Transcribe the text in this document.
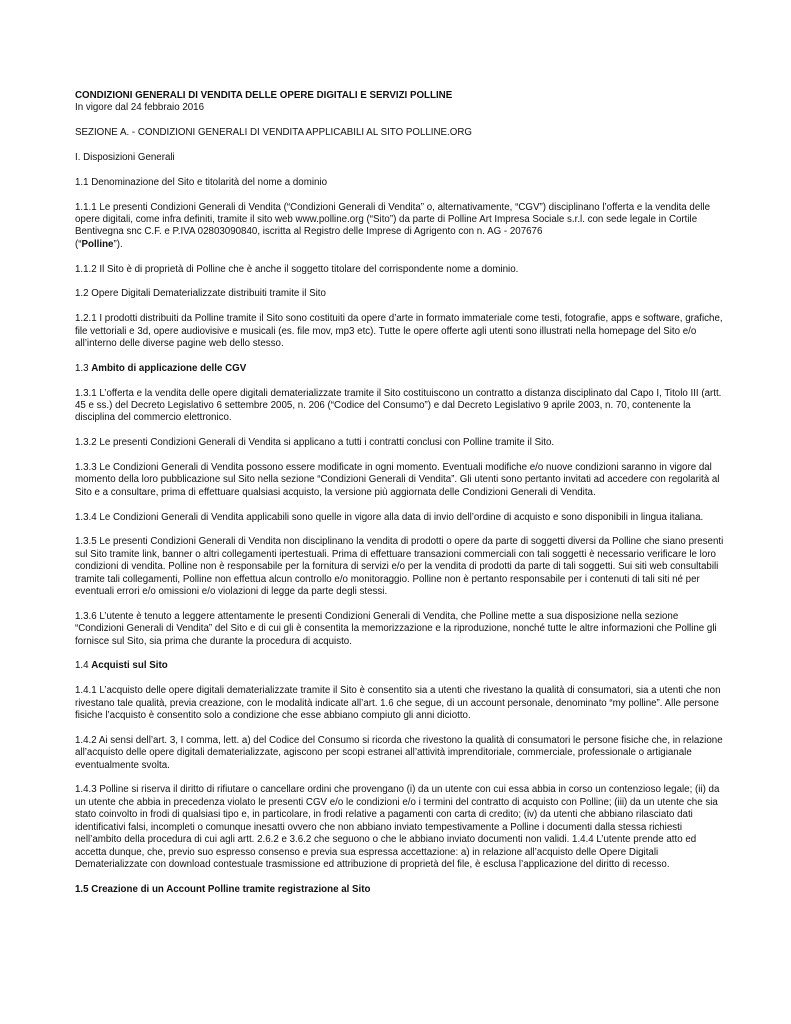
CONDIZIONI GENERALI DI VENDITA DELLE OPERE DIGITALI E SERVIZI POLLINE
In vigore dal 24 febbraio 2016

SEZIONE A. - CONDIZIONI GENERALI DI VENDITA APPLICABILI AL SITO POLLINE.ORG

I. Disposizioni Generali

1.1 Denominazione del Sito e titolarità del nome a dominio

1.1.1 Le presenti Condizioni Generali di Vendita (“Condizioni Generali di Vendita” o, alternativamente, “CGV”) disciplinano l’offerta e la vendita delle opere digitali, come infra definiti, tramite il sito web www.polline.org (“Sito”) da parte di Polline Art Impresa Sociale s.r.l. con sede legale in Cortile Bentivegna snc C.F. e P.IVA 02803090840, iscritta al Registro delle Imprese di Agrigento con n. AG - 207676
(“Polline”).

1.1.2 Il Sito è di proprietà di Polline che è anche il soggetto titolare del corrispondente nome a dominio.

1.2 Opere Digitali Dematerializzate distribuiti tramite il Sito

1.2.1 I prodotti distribuiti da Polline tramite il Sito sono costituiti da opere d’arte in formato immateriale come testi, fotografie, apps e software, grafiche, file vettoriali e 3d, opere audiovisive e musicali (es. file mov, mp3 etc). Tutte le opere offerte agli utenti sono illustrati nella homepage del Sito e/o all’interno delle diverse pagine web dello stesso.

1.3 Ambito di applicazione delle CGV

1.3.1 L’offerta e la vendita delle opere digitali dematerializzate tramite il Sito costituiscono un contratto a distanza disciplinato dal Capo I, Titolo III (artt. 45 e ss.) del Decreto Legislativo 6 settembre 2005, n. 206 (“Codice del Consumo”) e dal Decreto Legislativo 9 aprile 2003, n. 70, contenente la disciplina del commercio elettronico.

1.3.2 Le presenti Condizioni Generali di Vendita si applicano a tutti i contratti conclusi con Polline tramite il Sito.

1.3.3 Le Condizioni Generali di Vendita possono essere modificate in ogni momento. Eventuali modifiche e/o nuove condizioni saranno in vigore dal momento della loro pubblicazione sul Sito nella sezione “Condizioni Generali di Vendita”. Gli utenti sono pertanto invitati ad accedere con regolarità al Sito e a consultare, prima di effettuare qualsiasi acquisto, la versione più aggiornata delle Condizioni Generali di Vendita.

1.3.4 Le Condizioni Generali di Vendita applicabili sono quelle in vigore alla data di invio dell’ordine di acquisto e sono disponibili in lingua italiana.

1.3.5 Le presenti Condizioni Generali di Vendita non disciplinano la vendita di prodotti o opere da parte di soggetti diversi da Polline che siano presenti sul Sito tramite link, banner o altri collegamenti ipertestuali. Prima di effettuare transazioni commerciali con tali soggetti è necessario verificare le loro condizioni di vendita. Polline non è responsabile per la fornitura di servizi e/o per la vendita di prodotti da parte di tali soggetti. Sui siti web consultabili tramite tali collegamenti, Polline non effettua alcun controllo e/o monitoraggio. Polline non è pertanto responsabile per i contenuti di tali siti né per eventuali errori e/o omissioni e/o violazioni di legge da parte degli stessi.

1.3.6 L’utente è tenuto a leggere attentamente le presenti Condizioni Generali di Vendita, che Polline mette a sua disposizione nella sezione “Condizioni Generali di Vendita” del Sito e di cui gli è consentita la memorizzazione e la riproduzione, nonché tutte le altre informazioni che Polline gli fornisce sul Sito, sia prima che durante la procedura di acquisto.

1.4 Acquisti sul Sito

1.4.1 L’acquisto delle opere digitali dematerializzate tramite il Sito è consentito sia a utenti che rivestano la qualità di consumatori, sia a utenti che non rivestano tale qualità, previa creazione, con le modalità indicate all’art. 1.6 che segue, di un account personale, denominato “my polline”. Alle persone fisiche l’acquisto è consentito solo a condizione che esse abbiano compiuto gli anni diciotto.

1.4.2 Ai sensi dell’art. 3, I comma, lett. a) del Codice del Consumo si ricorda che rivestono la qualità di consumatori le persone fisiche che, in relazione all’acquisto delle opere digitali dematerializzate, agiscono per scopi estranei all’attività imprenditoriale, commerciale, professionale o artigianale eventualmente svolta.

1.4.3 Polline si riserva il diritto di rifiutare o cancellare ordini che provengano (i) da un utente con cui essa abbia in corso un contenzioso legale; (ii) da un utente che abbia in precedenza violato le presenti CGV e/o le condizioni e/o i termini del contratto di acquisto con Polline; (iii) da un utente che sia stato coinvolto in frodi di qualsiasi tipo e, in particolare, in frodi relative a pagamenti con carta di credito; (iv) da utenti che abbiano rilasciato dati identificativi falsi, incompleti o comunque inesatti ovvero che non abbiano inviato tempestivamente a Polline i documenti dalla stessa richiesti nell’ambito della procedura di cui agli artt. 2.6.2 e 3.6.2 che seguono o che le abbiano inviato documenti non validi. 1.4.4 L’utente prende atto ed accetta dunque, che, previo suo espresso consenso e previa sua espressa accettazione: a) in relazione all’acquisto delle Opere Digitali Dematerializzate con download contestuale trasmissione ed attribuzione di proprietà del file, è esclusa l’applicazione del diritto di recesso.

1.5 Creazione di un Account Polline tramite registrazione al Sito
